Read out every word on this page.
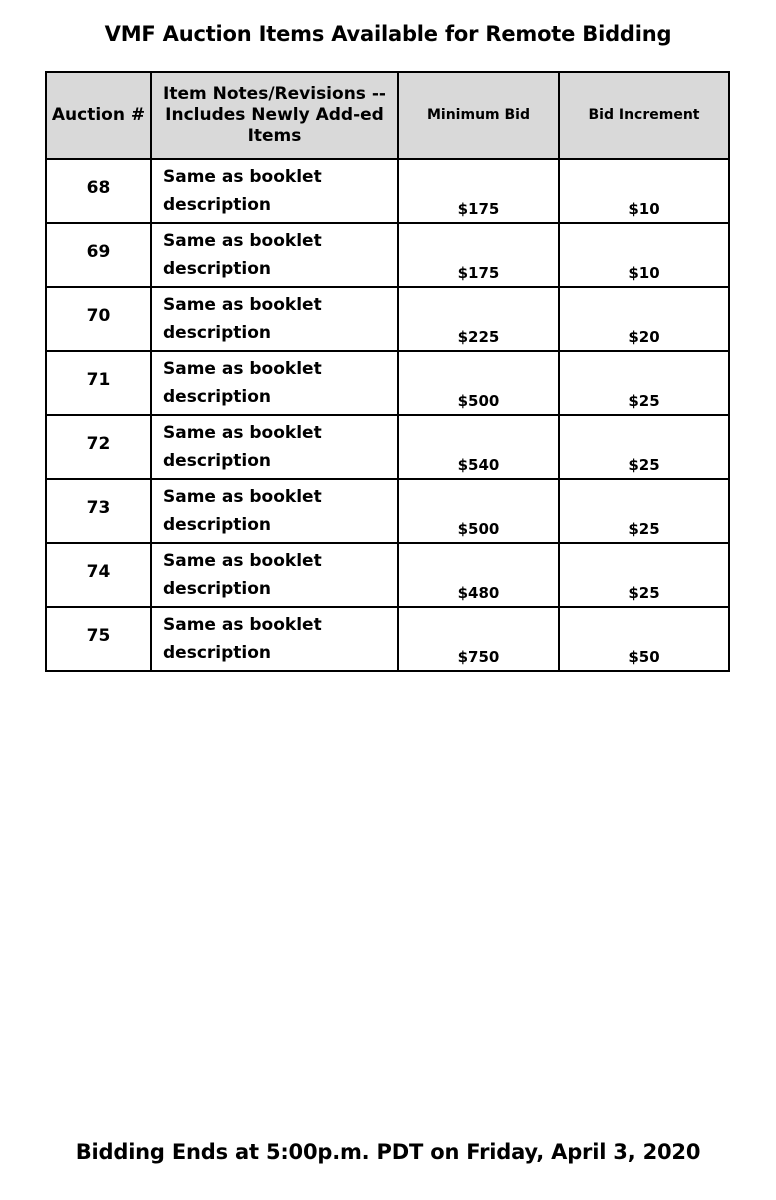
VMF Auction Items Available for Remote Bidding
Auction #	Item Notes/Revisions -- Includes Newly Add-ed Items	Minimum Bid	Bid Increment
68	Same as booklet
description	$175	$10
69	Same as booklet
description	$175	$10
70	Same as booklet
description	$225	$20
71	Same as booklet
description	$500	$25
72	Same as booklet
description	$540	$25
73	Same as booklet
description	$500	$25
74	Same as booklet
description	$480	$25
75	Same as booklet
description	$750	$50
Bidding Ends at 5:00p.m. PDT on Friday, April 3, 2020
